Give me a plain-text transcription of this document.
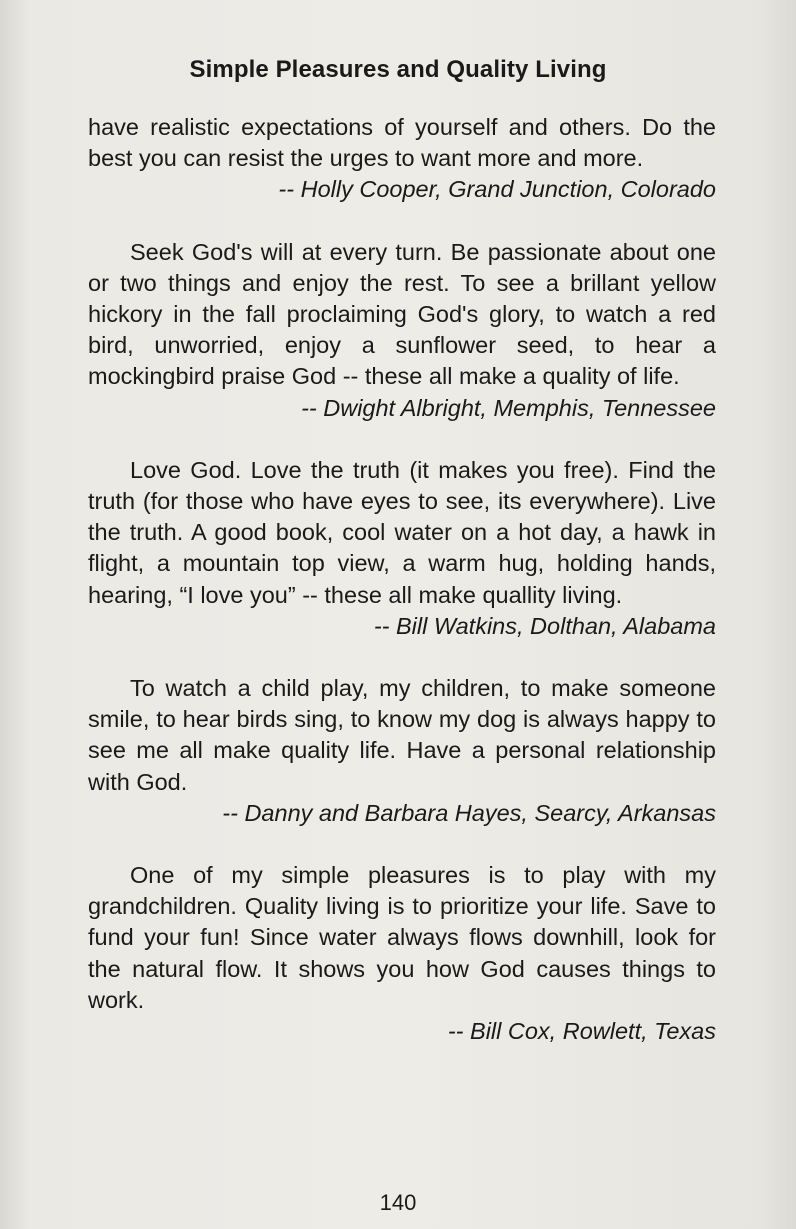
Simple Pleasures and Quality Living

have realistic expectations of yourself and others. Do the best you can resist the urges to want more and more.

-- Holly Cooper, Grand Junction, Colorado

Seek God's will at every turn. Be passionate about one or two things and enjoy the rest. To see a brillant yellow hickory in the fall proclaiming God's glory, to watch a red bird, unworried, enjoy a sunflower seed, to hear a mockingbird praise God -- these all make a quality of life.

-- Dwight Albright, Memphis, Tennessee

Love God. Love the truth (it makes you free). Find the truth (for those who have eyes to see, its everywhere). Live the truth. A good book, cool water on a hot day, a hawk in flight, a mountain top view, a warm hug, holding hands, hearing, “I love you” -- these all make quallity living.

-- Bill Watkins, Dolthan, Alabama

To watch a child play, my children, to make someone smile, to hear birds sing, to know my dog is always happy to see me all make quality life. Have a personal relationship with God.

-- Danny and Barbara Hayes, Searcy, Arkansas

One of my simple pleasures is to play with my grandchildren. Quality living is to prioritize your life. Save to fund your fun! Since water always flows downhill, look for the natural flow. It shows you how God causes things to work.

-- Bill Cox, Rowlett, Texas

140
